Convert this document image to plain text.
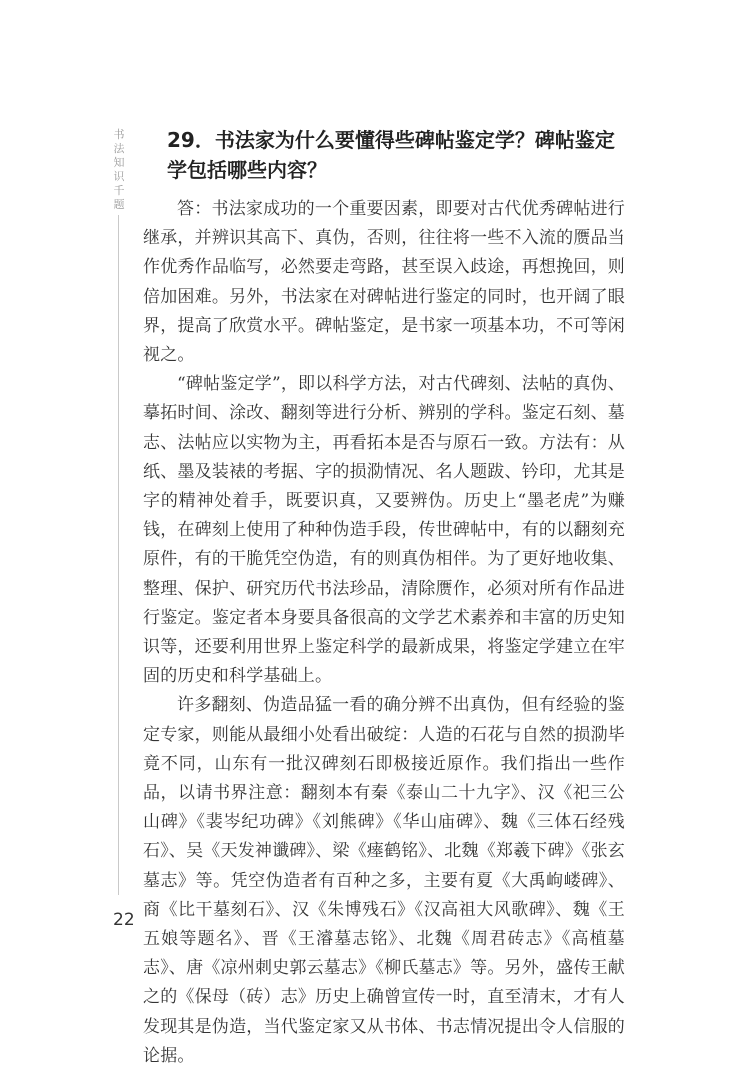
书法知识千题
29．书法家为什么要懂得些碑帖鉴定学？碑帖鉴定学包括哪些内容？

答：书法家成功的一个重要因素，即要对古代优秀碑帖进行继承，并辨识其高下、真伪，否则，往往将一些不入流的赝品当作优秀作品临写，必然要走弯路，甚至误入歧途，再想挽回，则倍加困难。另外，书法家在对碑帖进行鉴定的同时，也开阔了眼界，提高了欣赏水平。碑帖鉴定，是书家一项基本功，不可等闲视之。

“碑帖鉴定学”，即以科学方法，对古代碑刻、法帖的真伪、摹拓时间、涂改、翻刻等进行分析、辨别的学科。鉴定石刻、墓志、法帖应以实物为主，再看拓本是否与原石一致。方法有：从纸、墨及装裱的考据、字的损泐情况、名人题跋、钤印，尤其是字的精神处着手，既要识真，又要辨伪。历史上“墨老虎”为赚钱，在碑刻上使用了种种伪造手段，传世碑帖中，有的以翻刻充原件，有的干脆凭空伪造，有的则真伪相伴。为了更好地收集、整理、保护、研究历代书法珍品，清除赝作，必须对所有作品进行鉴定。鉴定者本身要具备很高的文学艺术素养和丰富的历史知识等，还要利用世界上鉴定科学的最新成果，将鉴定学建立在牢固的历史和科学基础上。

许多翻刻、伪造品猛一看的确分辨不出真伪，但有经验的鉴定专家，则能从最细小处看出破绽：人造的石花与自然的损泐毕竟不同，山东有一批汉碑刻石即极接近原作。我们指出一些作品，以请书界注意：翻刻本有秦《泰山二十九字》、汉《祀三公山碑》《裴岑纪功碑》《刘熊碑》《华山庙碑》、魏《三体石经残石》、吴《天发神谶碑》、梁《瘗鹤铭》、北魏《郑羲下碑》《张玄墓志》等。凭空伪造者有百种之多，主要有夏《大禹岣嵝碑》、商《比干墓刻石》、汉《朱博残石》《汉高祖大风歌碑》、魏《王五娘等题名》、晋《王濬墓志铭》、北魏《周君砖志》《高植墓志》、唐《凉州刺史郭云墓志》《柳氏墓志》等。另外，盛传王献之的《保母（砖）志》历史上确曾宣传一时，直至清末，才有人发现其是伪造，当代鉴定家又从书体、书志情况提出令人信服的论据。

22
